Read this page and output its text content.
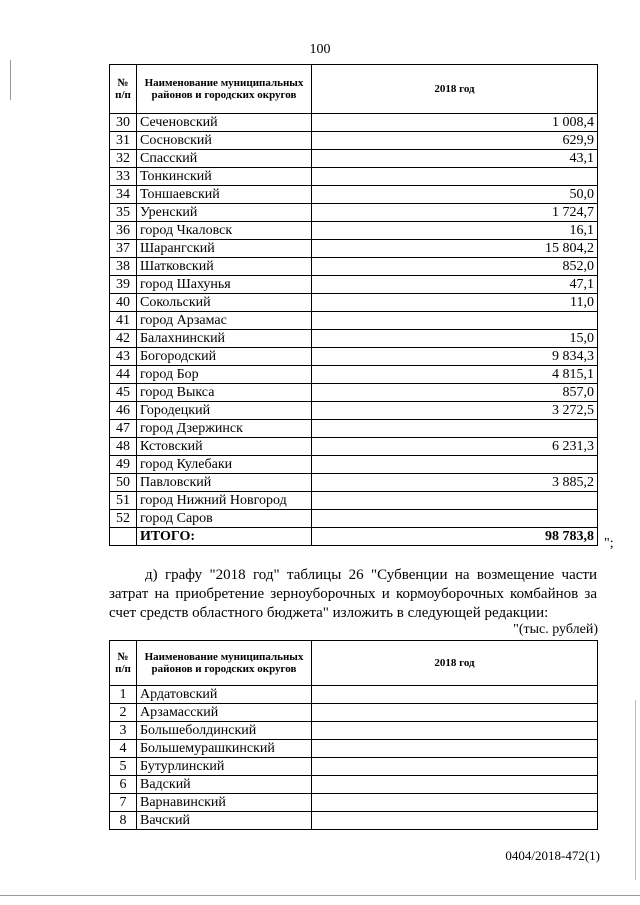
100
№ п/п	Наименование муниципальных районов и городских округов	2018 год
30	Сеченовский	1 008,4
31	Сосновский	629,9
32	Спасский	43,1
33	Тонкинский	
34	Тоншаевский	50,0
35	Уренский	1 724,7
36	город Чкаловск	16,1
37	Шарангский	15 804,2
38	Шатковский	852,0
39	город Шахунья	47,1
40	Сокольский	11,0
41	город Арзамас	
42	Балахнинский	15,0
43	Богородский	9 834,3
44	город Бор	4 815,1
45	город Выкса	857,0
46	Городецкий	3 272,5
47	город Дзержинск	
48	Кстовский	6 231,3
49	город Кулебаки	
50	Павловский	3 885,2
51	город Нижний Новгород	
52	город Саров	
	ИТОГО:	98 783,8 ";
д) графу "2018 год" таблицы 26 "Субвенции на возмещение части затрат на приобретение зерноуборочных и кормоуборочных комбайнов за счет средств областного бюджета" изложить в следующей редакции:
"(тыс. рублей)
№ п/п	Наименование муниципальных районов и городских округов	2018 год
1	Ардатовский	
2	Арзамасский	
3	Большеболдинский	
4	Большемурашкинский	
5	Бутурлинский	
6	Вадский	
7	Варнавинский	
8	Вачский	
0404/2018-472(1)
